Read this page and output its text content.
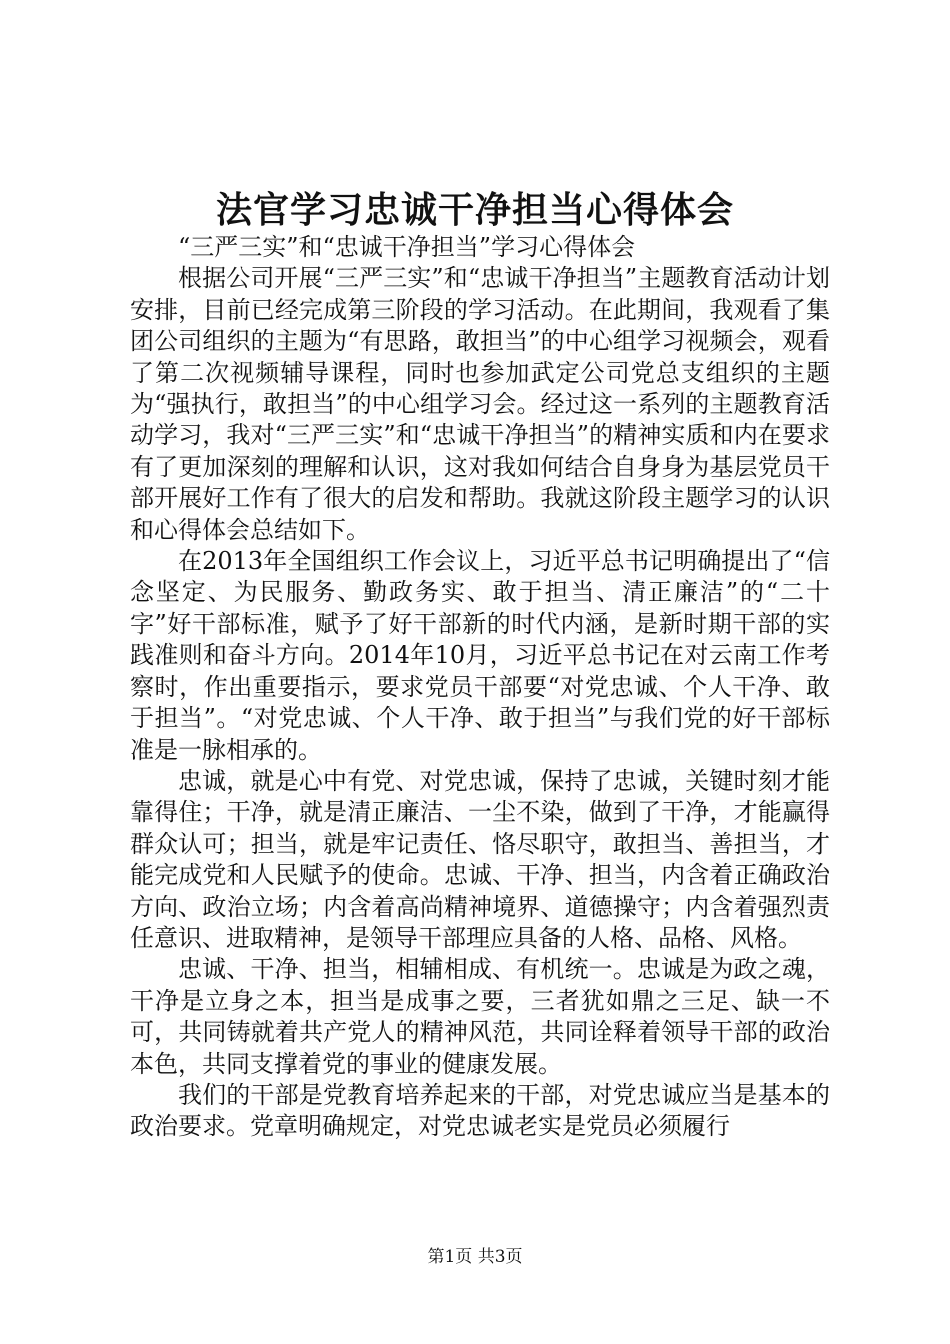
法官学习忠诚干净担当心得体会

“三严三实”和“忠诚干净担当”学习心得体会

根据公司开展“三严三实”和“忠诚干净担当”主题教育活动计划安排，目前已经完成第三阶段的学习活动。在此期间，我观看了集团公司组织的主题为“有思路，敢担当”的中心组学习视频会，观看了第二次视频辅导课程，同时也参加武定公司党总支组织的主题为“强执行，敢担当”的中心组学习会。经过这一系列的主题教育活动学习，我对“三严三实”和“忠诚干净担当”的精神实质和内在要求有了更加深刻的理解和认识，这对我如何结合自身身为基层党员干部开展好工作有了很大的启发和帮助。我就这阶段主题学习的认识和心得体会总结如下。

在2013年全国组织工作会议上，习近平总书记明确提出了“信念坚定、为民服务、勤政务实、敢于担当、清正廉洁”的“二十字”好干部标准，赋予了好干部新的时代内涵，是新时期干部的实践准则和奋斗方向。2014年10月，习近平总书记在对云南工作考察时，作出重要指示，要求党员干部要“对党忠诚、个人干净、敢于担当”。“对党忠诚、个人干净、敢于担当”与我们党的好干部标准是一脉相承的。

忠诚，就是心中有党、对党忠诚，保持了忠诚，关键时刻才能靠得住；干净，就是清正廉洁、一尘不染，做到了干净，才能赢得群众认可；担当，就是牢记责任、恪尽职守，敢担当、善担当，才能完成党和人民赋予的使命。忠诚、干净、担当，内含着正确政治方向、政治立场；内含着高尚精神境界、道德操守；内含着强烈责任意识、进取精神，是领导干部理应具备的人格、品格、风格。

忠诚、干净、担当，相辅相成、有机统一。忠诚是为政之魂，干净是立身之本，担当是成事之要，三者犹如鼎之三足、缺一不可，共同铸就着共产党人的精神风范，共同诠释着领导干部的政治本色，共同支撑着党的事业的健康发展。

我们的干部是党教育培养起来的干部，对党忠诚应当是基本的政治要求。党章明确规定，对党忠诚老实是党员必须履行

第1页 共3页
